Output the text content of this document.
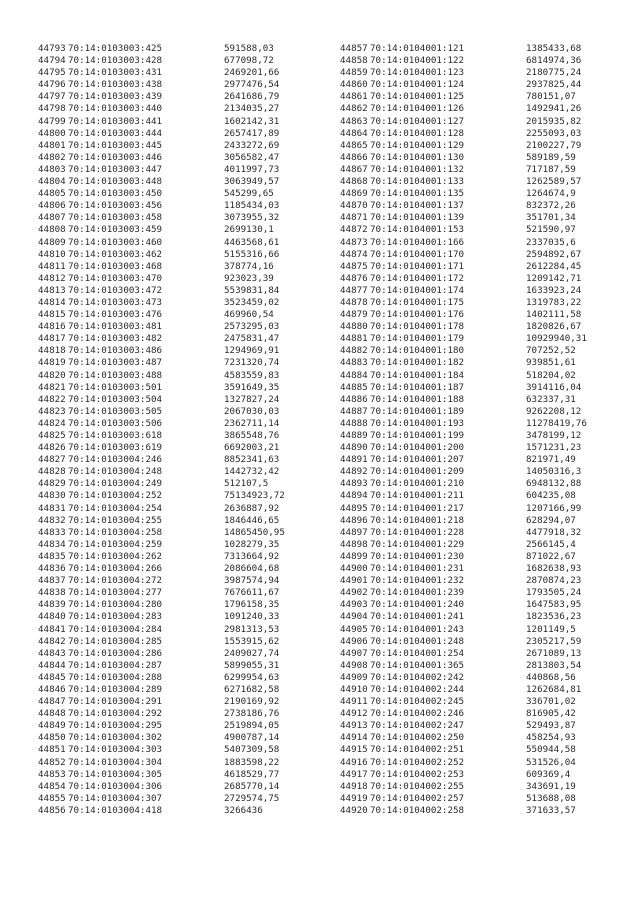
44793 70:14:0103003:425	591588,03
44794 70:14:0103003:428	677098,72
44795 70:14:0103003:431	2469201,66
44796 70:14:0103003:438	2977476,54
44797 70:14:0103003:439	2641686,79
44798 70:14:0103003:440	2134035,27
44799 70:14:0103003:441	1602142,31
44800 70:14:0103003:444	2657417,89
44801 70:14:0103003:445	2433272,69
44802 70:14:0103003:446	3056582,47
44803 70:14:0103003:447	4011997,73
44804 70:14:0103003:448	3063949,57
44805 70:14:0103003:450	545299,65
44806 70:14:0103003:456	1185434,03
44807 70:14:0103003:458	3073955,32
44808 70:14:0103003:459	2699130,1
44809 70:14:0103003:460	4463568,61
44810 70:14:0103003:462	5155316,66
44811 70:14:0103003:468	378774,16
44812 70:14:0103003:470	923023,39
44813 70:14:0103003:472	5539831,84
44814 70:14:0103003:473	3523459,02
44815 70:14:0103003:476	469960,54
44816 70:14:0103003:481	2573295,03
44817 70:14:0103003:482	2475831,47
44818 70:14:0103003:486	1294969,91
44819 70:14:0103003:487	7231320,74
44820 70:14:0103003:488	4583559,83
44821 70:14:0103003:501	3591649,35
44822 70:14:0103003:504	1327827,24
44823 70:14:0103003:505	2067030,03
44824 70:14:0103003:506	2362711,14
44825 70:14:0103003:618	3865548,76
44826 70:14:0103003:619	6692003,21
44827 70:14:0103004:246	8852341,63
44828 70:14:0103004:248	1442732,42
44829 70:14:0103004:249	512107,5
44830 70:14:0103004:252	75134923,72
44831 70:14:0103004:254	2636887,92
44832 70:14:0103004:255	1846446,65
44833 70:14:0103004:258	14865450,95
44834 70:14:0103004:259	1028279,35
44835 70:14:0103004:262	7313664,92
44836 70:14:0103004:266	2086604,68
44837 70:14:0103004:272	3987574,94
44838 70:14:0103004:277	7676611,67
44839 70:14:0103004:280	1796158,35
44840 70:14:0103004:283	1091240,33
44841 70:14:0103004:284	2981313,53
44842 70:14:0103004:285	1553915,62
44843 70:14:0103004:286	2409027,74
44844 70:14:0103004:287	5899055,31
44845 70:14:0103004:288	6299954,63
44846 70:14:0103004:289	6271682,58
44847 70:14:0103004:291	2190169,92
44848 70:14:0103004:292	2738186,76
44849 70:14:0103004:295	2519894,05
44850 70:14:0103004:302	4900787,14
44851 70:14:0103004:303	5407309,58
44852 70:14:0103004:304	1883598,22
44853 70:14:0103004:305	4618529,77
44854 70:14:0103004:306	2685770,14
44855 70:14:0103004:307	2729574,75
44856 70:14:0103004:418	3266436
44857 70:14:0104001:121	1385433,68
44858 70:14:0104001:122	6814974,36
44859 70:14:0104001:123	2180775,24
44860 70:14:0104001:124	2937825,44
44861 70:14:0104001:125	780151,07
44862 70:14:0104001:126	1492941,26
44863 70:14:0104001:127	2015935,82
44864 70:14:0104001:128	2255093,03
44865 70:14:0104001:129	2100227,79
44866 70:14:0104001:130	589189,59
44867 70:14:0104001:132	717187,59
44868 70:14:0104001:133	1262589,57
44869 70:14:0104001:135	1264674,9
44870 70:14:0104001:137	832372,26
44871 70:14:0104001:139	351701,34
44872 70:14:0104001:153	521590,97
44873 70:14:0104001:166	2337035,6
44874 70:14:0104001:170	2594892,67
44875 70:14:0104001:171	2612284,45
44876 70:14:0104001:172	1209142,71
44877 70:14:0104001:174	1633923,24
44878 70:14:0104001:175	1319783,22
44879 70:14:0104001:176	1402111,58
44880 70:14:0104001:178	1820826,67
44881 70:14:0104001:179	10929940,31
44882 70:14:0104001:180	707252,52
44883 70:14:0104001:182	939851,61
44884 70:14:0104001:184	518204,02
44885 70:14:0104001:187	3914116,04
44886 70:14:0104001:188	632337,31
44887 70:14:0104001:189	9262208,12
44888 70:14:0104001:193	11278419,76
44889 70:14:0104001:199	3478199,12
44890 70:14:0104001:200	1571231,23
44891 70:14:0104001:207	821971,49
44892 70:14:0104001:209	14050316,3
44893 70:14:0104001:210	6948132,88
44894 70:14:0104001:211	604235,08
44895 70:14:0104001:217	1207166,99
44896 70:14:0104001:218	628294,07
44897 70:14:0104001:228	4477918,32
44898 70:14:0104001:229	2566145,4
44899 70:14:0104001:230	871022,67
44900 70:14:0104001:231	1682638,93
44901 70:14:0104001:232	2870874,23
44902 70:14:0104001:239	1793505,24
44903 70:14:0104001:240	1647583,95
44904 70:14:0104001:241	1823536,23
44905 70:14:0104001:243	1201149,5
44906 70:14:0104001:248	2305217,59
44907 70:14:0104001:254	2671089,13
44908 70:14:0104001:365	2813803,54
44909 70:14:0104002:242	440868,56
44910 70:14:0104002:244	1262684,81
44911 70:14:0104002:245	336701,02
44912 70:14:0104002:246	816905,42
44913 70:14:0104002:247	529493,87
44914 70:14:0104002:250	458254,93
44915 70:14:0104002:251	550944,58
44916 70:14:0104002:252	531526,04
44917 70:14:0104002:253	609369,4
44918 70:14:0104002:255	343691,19
44919 70:14:0104002:257	513688,08
44920 70:14:0104002:258	371633,57
